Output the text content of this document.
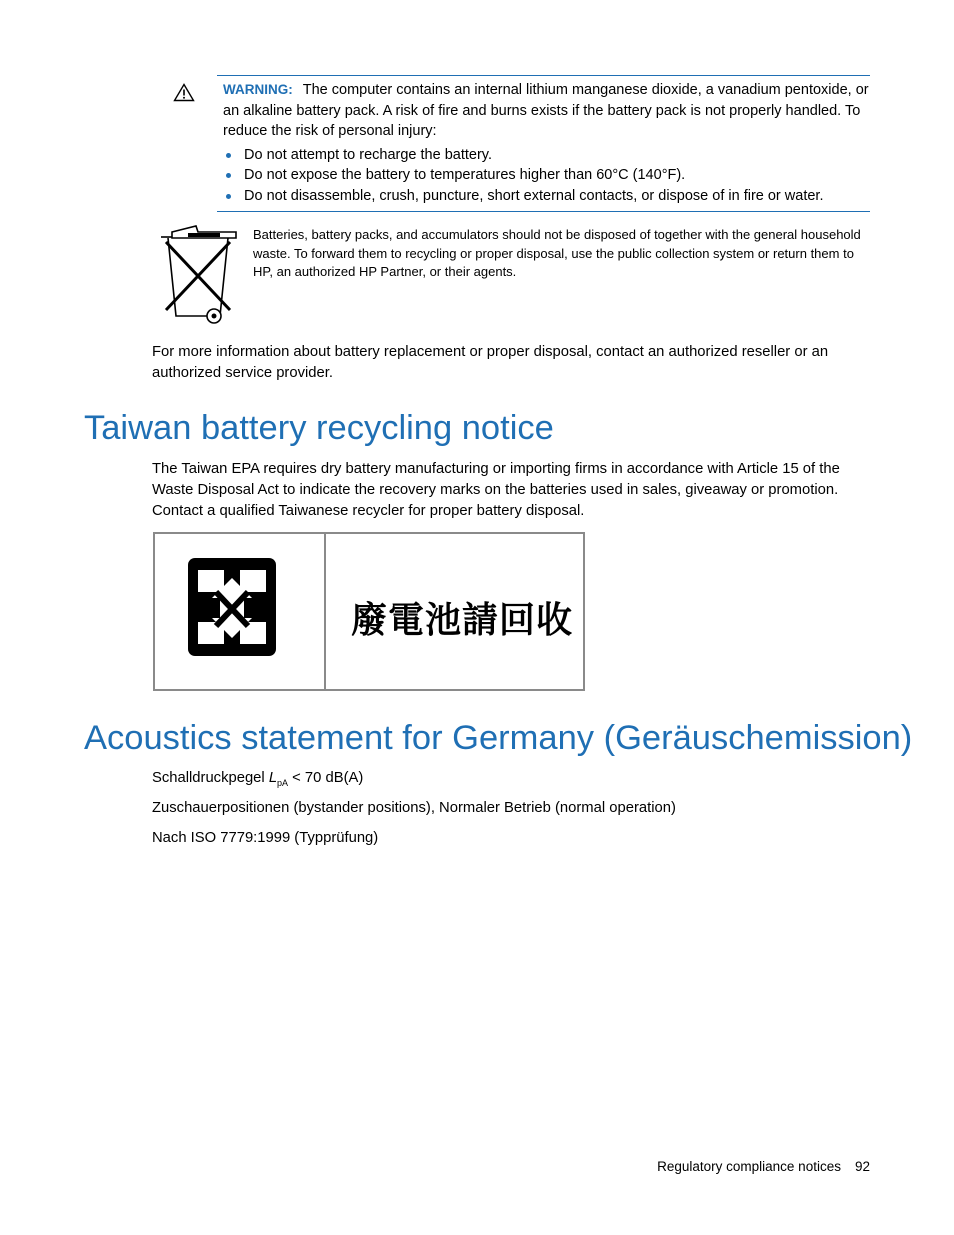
WARNING: The computer contains an internal lithium manganese dioxide, a vanadium pentoxide, or an alkaline battery pack. A risk of fire and burns exists if the battery pack is not properly handled. To reduce the risk of personal injury:
Do not attempt to recharge the battery.
Do not expose the battery to temperatures higher than 60°C (140°F).
Do not disassemble, crush, puncture, short external contacts, or dispose of in fire or water.
Batteries, battery packs, and accumulators should not be disposed of together with the general household waste. To forward them to recycling or proper disposal, use the public collection system or return them to HP, an authorized HP Partner, or their agents.
For more information about battery replacement or proper disposal, contact an authorized reseller or an authorized service provider.
Taiwan battery recycling notice
The Taiwan EPA requires dry battery manufacturing or importing firms in accordance with Article 15 of the Waste Disposal Act to indicate the recovery marks on the batteries used in sales, giveaway or promotion. Contact a qualified Taiwanese recycler for proper battery disposal.
廢電池請回收
Acoustics statement for Germany (Geräuschemission)
Schalldruckpegel $L_{pA} < 70$ dB(A)
Zuschauerpositionen (bystander positions), Normaler Betrieb (normal operation)
Nach ISO 7779:1999 (Typprüfung)
Regulatory compliance notices 92
